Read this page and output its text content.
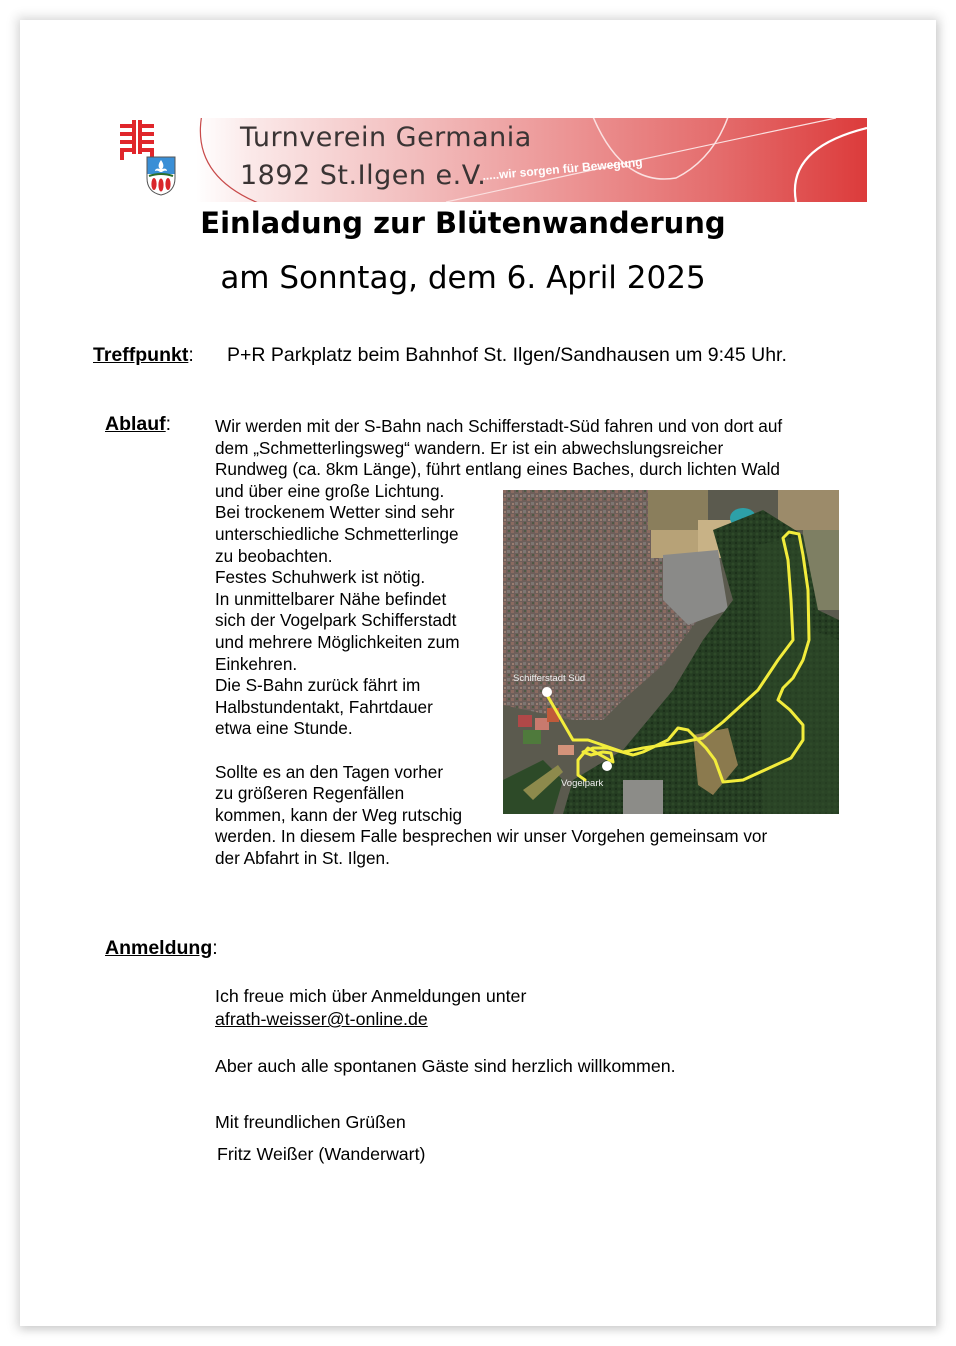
Turnverein Germania
1892 St.Ilgen e.V.
.....wir sorgen für Bewegung
Einladung zur Blütenwanderung
am Sonntag, dem 6. April 2025
Treffpunkt: P+R Parkplatz beim Bahnhof St. Ilgen/Sandhausen um 9:45 Uhr.
Ablauf:	Wir werden mit der S-Bahn nach Schifferstadt-Süd fahren und von dort auf
dem „Schmetterlingsweg“ wandern. Er ist ein abwechslungsreicher
Rundweg (ca. 8km Länge), führt entlang eines Baches, durch lichten Wald
und über eine große Lichtung.
Bei trockenem Wetter sind sehr
unterschiedliche Schmetterlinge
zu beobachten.
Festes Schuhwerk ist nötig.
In unmittelbarer Nähe befindet
sich der Vogelpark Schifferstadt
und mehrere Möglichkeiten zum
Einkehren.
Die S-Bahn zurück fährt im
Halbstundentakt, Fahrtdauer
etwa eine Stunde.
Sollte es an den Tagen vorher
zu größeren Regenfällen
kommen, kann der Weg rutschig
werden. In diesem Falle besprechen wir unser Vorgehen gemeinsam vor
der Abfahrt in St. Ilgen.
Schifferstadt Süd
Vogelpark
Anmeldung:
Ich freue mich über Anmeldungen unter
afrath-weisser@t-online.de
Aber auch alle spontanen Gäste sind herzlich willkommen.
Mit freundlichen Grüßen
Fritz Weißer (Wanderwart)
